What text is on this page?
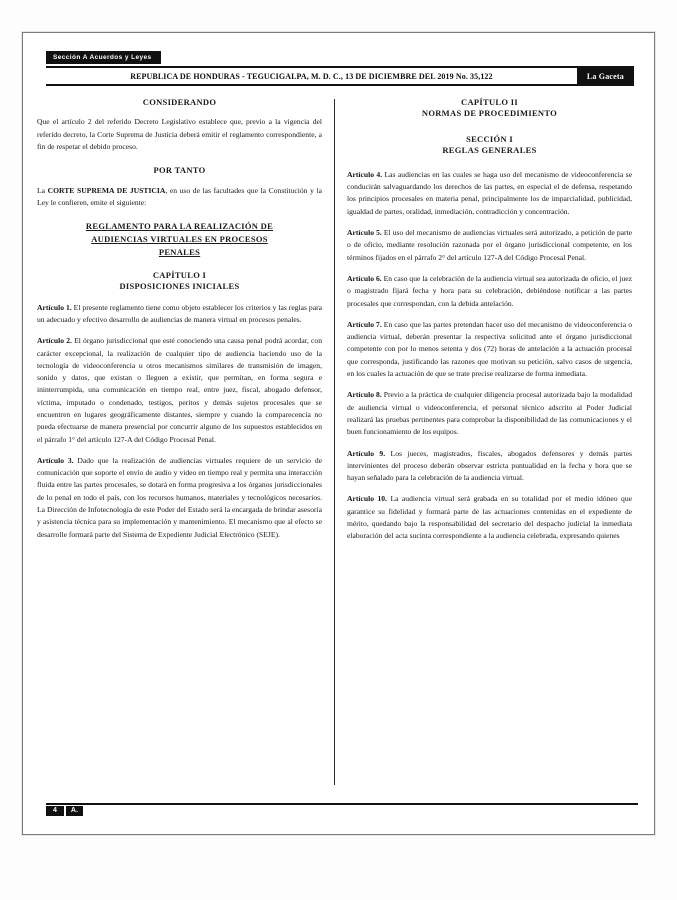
Sección A Acuerdos y Leyes
REPUBLICA DE HONDURAS - TEGUCIGALPA, M. D. C., 13 DE DICIEMBRE DEL 2019 No. 35,122	La Gaceta
CONSIDERANDO

Que el artículo 2 del referido Decreto Legislativo establece que, previo a la vigencia del referido decreto, la Corte Suprema de Justicia deberá emitir el reglamento correspondiente, a fin de respetar el debido proceso.

POR TANTO

La CORTE SUPREMA DE JUSTICIA, en uso de las facultades que la Constitución y la Ley le confieren, emite el siguiente:

REGLAMENTO PARA LA REALIZACIÓN DE
AUDIENCIAS VIRTUALES EN PROCESOS
PENALES
CAPÍTULO I
DISPOSICIONES INICIALES

Artículo 1. El presente reglamento tiene como objeto establecer los criterios y las reglas para un adecuado y efectivo desarrollo de audiencias de manera virtual en procesos penales.

Artículo 2. El órgano jurisdiccional que esté conociendo una causa penal podrá acordar, con carácter excepcional, la realización de cualquier tipo de audiencia haciendo uso de la tecnología de videoconferencia u otros mecanismos similares de transmisión de imagen, sonido y datos, que existan o lleguen a existir, que permitan, en forma segura e ininterrumpida, una comunicación en tiempo real, entre juez, fiscal, abogado defensor, víctima, imputado o condenado, testigos, peritos y demás sujetos procesales que se encuentren en lugares geográficamente distantes, siempre y cuando la comparecencia no pueda efectuarse de manera presencial por concurrir alguno de los supuestos establecidos en el párrafo 1° del artículo 127-A del Código Procesal Penal.

Artículo 3. Dado que la realización de audiencias virtuales requiere de un servicio de comunicación que soporte el envío de audio y video en tiempo real y permita una interacción fluida entre las partes procesales, se dotará en forma progresiva a los órganos jurisdiccionales de lo penal en todo el país, con los recursos humanos, materiales y tecnológicos necesarios. La Dirección de Infotecnología de este Poder del Estado será la encargada de brindar asesoría y asistencia técnica para su implementación y mantenimiento. El mecanismo que al efecto se desarrolle formará parte del Sistema de Expediente Judicial Electrónico (SEJE).

CAPÍTULO II
NORMAS DE PROCEDIMIENTO
SECCIÓN I
REGLAS GENERALES

Artículo 4. Las audiencias en las cuales se haga uso del mecanismo de videoconferencia se conducirán salvaguardando los derechos de las partes, en especial el de defensa, respetando los principios procesales en materia penal, principalmente los de imparcialidad, publicidad, igualdad de partes, oralidad, inmediación, contradicción y concentración.

Artículo 5. El uso del mecanismo de audiencias virtuales será autorizado, a petición de parte o de oficio, mediante resolución razonada por el órgano jurisdiccional competente, en los términos fijados en el párrafo 2° del artículo 127-A del Código Procesal Penal.

Artículo 6. En caso que la celebración de la audiencia virtual sea autorizada de oficio, el juez o magistrado fijará fecha y hora para su celebración, debiéndose notificar a las partes procesales que correspondan, con la debida antelación.

Artículo 7. En caso que las partes pretendan hacer uso del mecanismo de videoconferencia o audiencia virtual, deberán presentar la respectiva solicitud ante el órgano jurisdiccional competente con por lo menos setenta y dos (72) horas de antelación a la actuación procesal que corresponda, justificando las razones que motivan su petición, salvo casos de urgencia, en los cuales la actuación de que se trate precise realizarse de forma inmediata.

Artículo 8. Previo a la práctica de cualquier diligencia procesal autorizada bajo la modalidad de audiencia virtual o videoconferencia, el personal técnico adscrito al Poder Judicial realizará las pruebas pertinentes para comprobar la disponibilidad de las comunicaciones y el buen funcionamiento de los equipos.

Artículo 9. Los jueces, magistrados, fiscales, abogados defensores y demás partes intervinientes del proceso deberán observar estricta puntualidad en la fecha y hora que se hayan señalado para la celebración de la audiencia virtual.

Artículo 10. La audiencia virtual será grabada en su totalidad por el medio idóneo que garantice su fidelidad y formará parte de las actuaciones contenidas en el expediente de mérito, quedando bajo la responsabilidad del secretario del despacho judicial la inmediata elaboración del acta sucinta correspondiente a la audiencia celebrada, expresando quienes

4	A.
